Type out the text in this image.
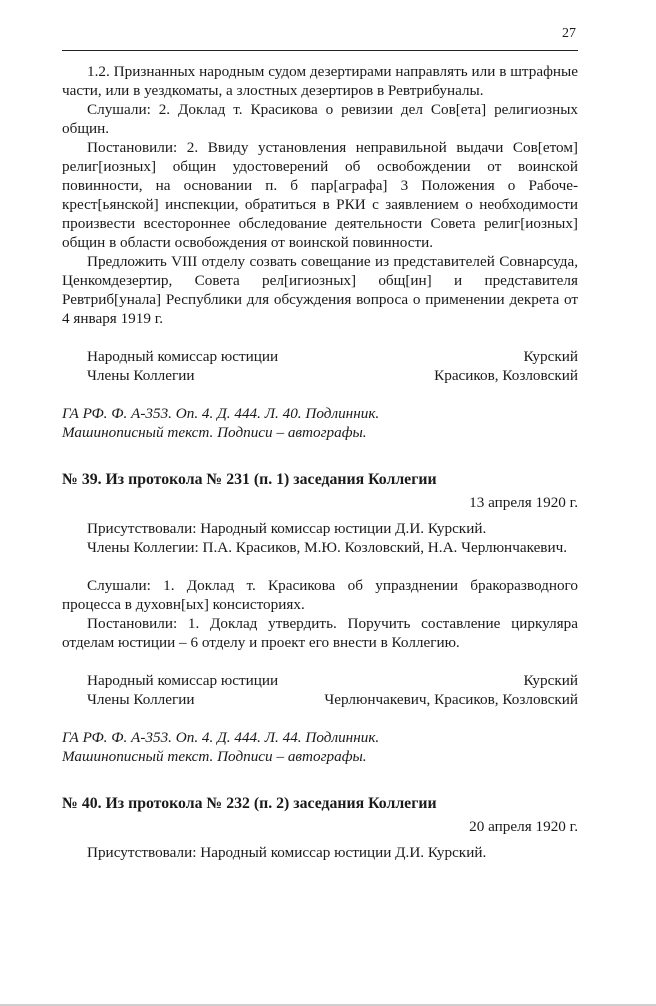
27

1.2. Признанных народным судом дезертирами направлять или в штрафные части, или в уездкоматы, а злостных дезертиров в Ревтрибуналы.

Слушали: 2. Доклад т. Красикова о ревизии дел Сов[ета] религиозных общин.

Постановили: 2. Ввиду установления неправильной выдачи Сов[етом] религ[иозных] общин удостоверений об освобождении от воинской повинности, на основании п. б пар[аграфа] 3 Положения о Рабоче-крест[ьянской] инспекции, обратиться в РКИ с заявлением о необходимости произвести всестороннее обследование деятельности Совета религ[иозных] общин в области освобождения от воинской повинности.

Предложить VIII отделу созвать совещание из представителей Совнарсуда, Ценкомдезертир, Совета рел[игиозных] общ[ин] и представителя Ревтриб[унала] Республики для обсуждения вопроса о применении декрета от 4 января 1919 г.

Народный комиссар юстиции	Курский
Члены Коллегии	Красиков, Козловский

ГА РФ. Ф. А-353. Оп. 4. Д. 444. Л. 40. Подлинник.

Машинописный текст. Подписи – автографы.

№ 39. Из протокола № 231 (п. 1) заседания Коллегии

13 апреля 1920 г.

Присутствовали: Народный комиссар юстиции Д.И. Курский.

Члены Коллегии: П.А. Красиков, М.Ю. Козловский, Н.А. Черлюнчакевич.

Слушали: 1. Доклад т. Красикова об упразднении бракоразводного процесса в духовн[ых] консисториях.

Постановили: 1. Доклад утвердить. Поручить составление циркуляра отделам юстиции – 6 отделу и проект его внести в Коллегию.

Народный комиссар юстиции	Курский
Члены Коллегии	Черлюнчакевич, Красиков, Козловский

ГА РФ. Ф. А-353. Оп. 4. Д. 444. Л. 44. Подлинник.

Машинописный текст. Подписи – автографы.

№ 40. Из протокола № 232 (п. 2) заседания Коллегии

20 апреля 1920 г.

Присутствовали: Народный комиссар юстиции Д.И. Курский.
